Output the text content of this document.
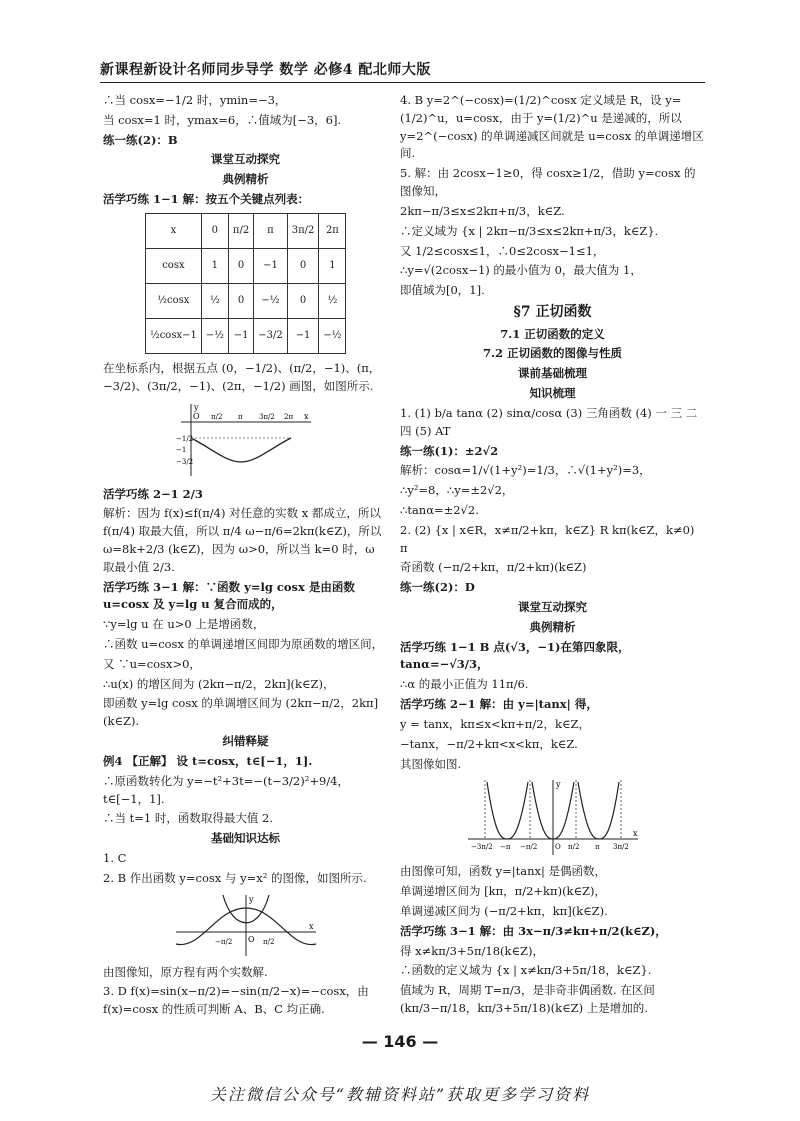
新课程新设计名师同步导学 数学 必修4 配北师大版

∴当 cosx=−1/2 时，ymin=−3，

当 cosx=1 时，ymax=6，∴值域为[−3，6].

练一练(2)：B

课堂互动探究

典例精析

活学巧练 1−1 解：按五个关键点列表：

x	0	π/2	π	3π/2	2π
cosx	1	0	−1	0	1
½cosx	½	0	−½	0	½
½cosx−1	−½	−1	−3/2	−1	−½

在坐标系内，根据五点 (0，−1/2)、(π/2，−1)、(π，−3/2)、(3π/2，−1)、(2π，−1/2) 画图，如图所示.

y
x
O π/2 π 3π/2 2π
−1/2
−1
−3/2

活学巧练 2−1 2/3

解析：因为 f(x)≤f(π/4) 对任意的实数 x 都成立，所以 f(π/4) 取最大值，所以 π/4 ω−π/6=2kπ(k∈Z)，所以 ω=8k+2/3 (k∈Z)，因为 ω>0，所以当 k=0 时，ω 取最小值 2/3.

活学巧练 3−1 解：∵函数 y=lg cosx 是由函数 u=cosx 及 y=lg u 复合而成的，

∵y=lg u 在 u>0 上是增函数，

∴函数 u=cosx 的单调递增区间即为原函数的增区间，

又 ∵u=cosx>0，

∴u(x) 的增区间为 (2kπ−π/2，2kπ](k∈Z)，

即函数 y=lg cosx 的单调增区间为 (2kπ−π/2，2kπ](k∈Z).

纠错释疑

例4 【正解】 设 t=cosx，t∈[−1，1].

∴原函数转化为 y=−t²+3t=−(t−3/2)²+9/4，t∈[−1，1].

∴当 t=1 时，函数取得最大值 2.

基础知识达标

1. C

2. B 作出函数 y=cosx 与 y=x² 的图像，如图所示.

y
x
O
−π/2	π/2

由图像知，原方程有两个实数解.

3. D f(x)=sin(x−π/2)=−sin(π/2−x)=−cosx，由 f(x)=cosx 的性质可判断 A、B、C 均正确.

4. B y=2^(−cosx)=(1/2)^cosx 定义域是 R，设 y=(1/2)^u，u=cosx，由于 y=(1/2)^u 是递减的，所以 y=2^(−cosx) 的单调递减区间就是 u=cosx 的单调递增区间.

5. 解：由 2cosx−1≥0，得 cosx≥1/2，借助 y=cosx 的图像知，

2kπ−π/3≤x≤2kπ+π/3，k∈Z.

∴定义域为 {x | 2kπ−π/3≤x≤2kπ+π/3，k∈Z}.

又 1/2≤cosx≤1，∴0≤2cosx−1≤1，

∴y=√(2cosx−1) 的最小值为 0，最大值为 1，

即值域为[0，1].

§7 正切函数

7.1 正切函数的定义

7.2 正切函数的图像与性质

课前基础梳理

知识梳理

1. (1) b/a tanα (2) sinα/cosα (3) 三角函数 (4) 一 三 二 四 (5) AT

练一练(1)：±2√2

解析：cosα=1/√(1+y²)=1/3，∴√(1+y²)=3，

∴y²=8，∴y=±2√2，

∴tanα=±2√2.

2. (2) {x | x∈R，x≠π/2+kπ，k∈Z} R kπ(k∈Z，k≠0) π

奇函数 (−π/2+kπ，π/2+kπ)(k∈Z)

练一练(2)：D

课堂互动探究

典例精析

活学巧练 1−1 B 点(√3，−1)在第四象限，tanα=−√3/3，

∴α 的最小正值为 11π/6.

活学巧练 2−1 解：由 y=|tanx| 得，

y = tanx，kπ≤x<kπ+π/2，k∈Z，

−tanx，−π/2+kπ<x<kπ，k∈Z.

其图像如图.

y
x
O
−3π/2 −π −π/2	π/2 π 3π/2

由图像可知，函数 y=|tanx| 是偶函数，

单调递增区间为 [kπ，π/2+kπ)(k∈Z)，

单调递减区间为 (−π/2+kπ，kπ](k∈Z).

活学巧练 3−1 解：由 3x−π/3≠kπ+π/2(k∈Z)，

得 x≠kπ/3+5π/18(k∈Z)，

∴函数的定义域为 {x | x≠kπ/3+5π/18，k∈Z}.

值域为 R，周期 T=π/3，是非奇非偶函数. 在区间 (kπ/3−π/18，kπ/3+5π/18)(k∈Z) 上是增加的.

— 146 —
关注微信公众号“教辅资料站”获取更多学习资料
